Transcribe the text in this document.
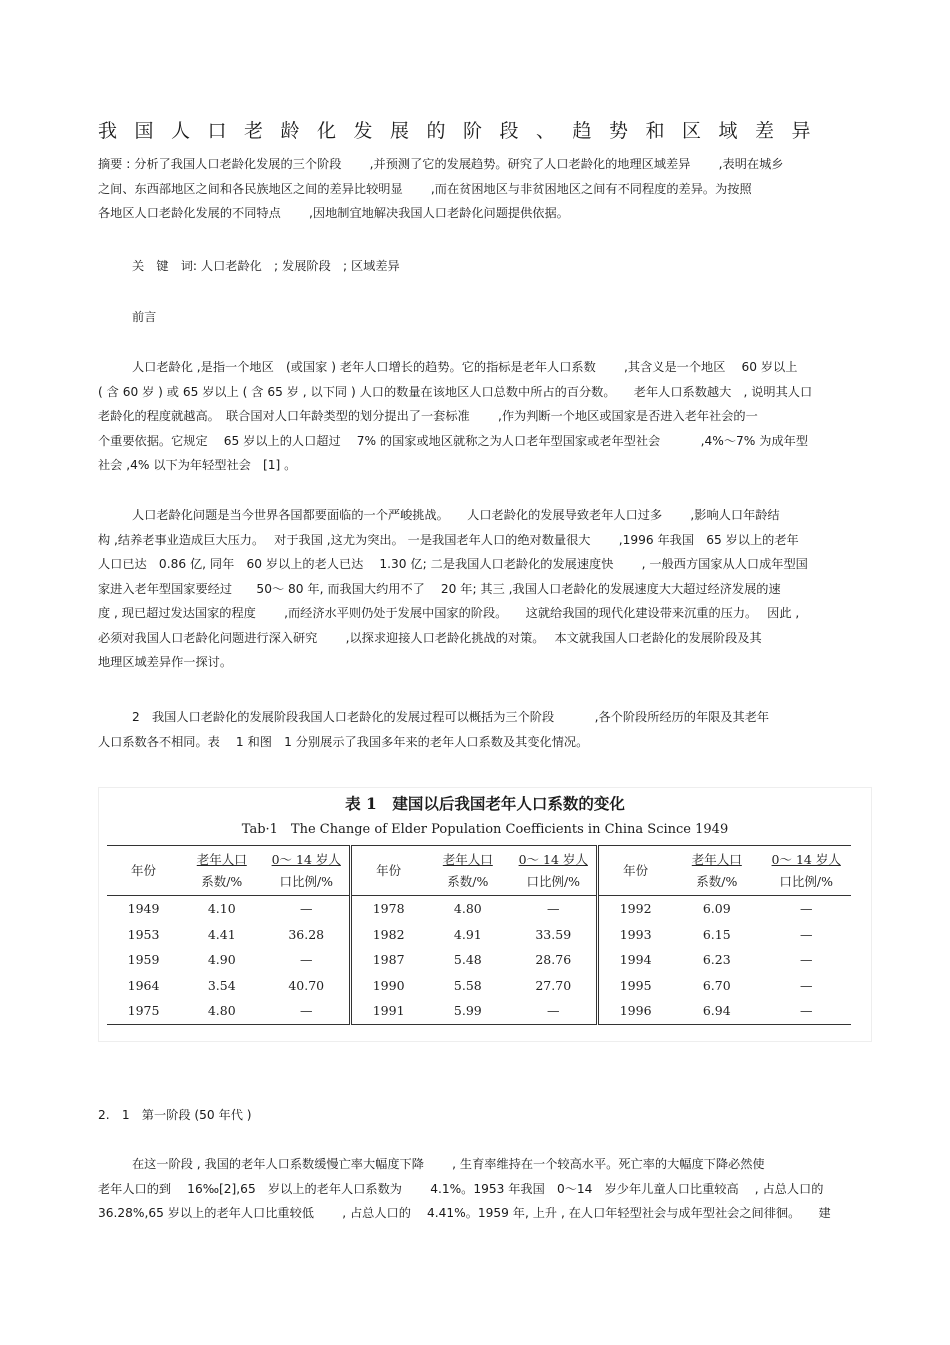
我国人口老龄化发展的阶段、趋势和区域差异
摘要 : 分析了我国人口老龄化发展的三个阶段　　 ,并预测了它的发展趋势。研究了人口老龄化的地理区域差异　　 ,表明在城乡
之间、东西部地区之间和各民族地区之间的差异比较明显　　 ,而在贫困地区与非贫困地区之间有不同程度的差异。为按照
各地区人口老龄化发展的不同特点　　 ,因地制宜地解决我国人口老龄化问题提供依据。
关　键　词: 人口老龄化　; 发展阶段　; 区域差异
前言
人口老龄化 ,是指一个地区　(或国家 ) 老年人口增长的趋势。它的指标是老年人口系数　　 ,其含义是一个地区　 60 岁以上
( 含 60 岁 ) 或 65 岁以上 ( 含 65 岁 , 以下同 ) 人口的数量在该地区人口总数中所占的百分数。　　老年人口系数越大　, 说明其人口
老龄化的程度就越高。　联合国对人口年龄类型的划分提出了一套标准　　 ,作为判断一个地区或国家是否进入老年社会的一
个重要依据。它规定　 65 岁以上的人口超过　 7% 的国家或地区就称之为人口老年型国家或老年型社会　　　 ,4%～7% 为成年型
社会 ,4% 以下为年轻型社会　[1] 。
人口老龄化问题是当今世界各国都要面临的一个严峻挑战。　　人口老龄化的发展导致老年人口过多　　 ,影响人口年龄结
构 ,结养老事业造成巨大压力。　 对于我国 ,这尤为突出。 一是我国老年人口的绝对数量很大　　 ,1996 年我国　65 岁以上的老年
人口已达　0.86 亿, 同年　60 岁以上的老人已达　 1.30 亿; 二是我国人口老龄化的发展速度快　　 , 一般西方国家从人口成年型国
家进入老年型国家要经过　　50～ 80 年, 而我国大约用不了　 20 年; 其三 ,我国人口老龄化的发展速度大大超过经济发展的速
度 , 现已超过发达国家的程度　　 ,而经济水平则仍处于发展中国家的阶段。　　这就给我国的现代化建设带来沉重的压力。　 因此 ,
必须对我国人口老龄化问题进行深入研究　　 ,以探求迎接人口老龄化挑战的对策。　 本文就我国人口老龄化的发展阶段及其
地理区域差异作一探讨。
2　我国人口老龄化的发展阶段我国人口老龄化的发展过程可以概括为三个阶段　　　 ,各个阶段所经历的年限及其老年
人口系数各不相同。表　 1 和图　1 分别展示了我国多年来的老年人口系数及其变化情况。
表 1　建国以后我国老年人口系数的变化
Tab·1　The Change of Elder Population Coefficients in China Scince 1949
年份	老年人口
系数/%	0～ 14 岁人
口比例/%	年份	老年人口
系数/%	0～ 14 岁人
口比例/%	年份	老年人口
系数/%	0～ 14 岁人
口比例/%

1949	4.10	—	1978	4.80	—	1992	6.09	—
1953	4.41	36.28	1982	4.91	33.59	1993	6.15	—
1959	4.90	—	1987	5.48	28.76	1994	6.23	—
1964	3.54	40.70	1990	5.58	27.70	1995	6.70	—
1975	4.80	—	1991	5.99	—	1996	6.94	—
2.　1　第一阶段 (50 年代 )
在这一阶段 , 我国的老年人口系数缓慢亡率大幅度下降　　 , 生育率维持在一个较高水平。死亡率的大幅度下降必然使
老年人口的到　 16‰[2],65　岁以上的老年人口系数为　　 4.1%。1953 年我国　0～14　岁少年儿童人口比重较高　 , 占总人口的
36.28%,65 岁以上的老年人口比重较低　　 , 占总人口的　 4.41%。1959 年, 上升 , 在人口年轻型社会与成年型社会之间徘徊。　　建
